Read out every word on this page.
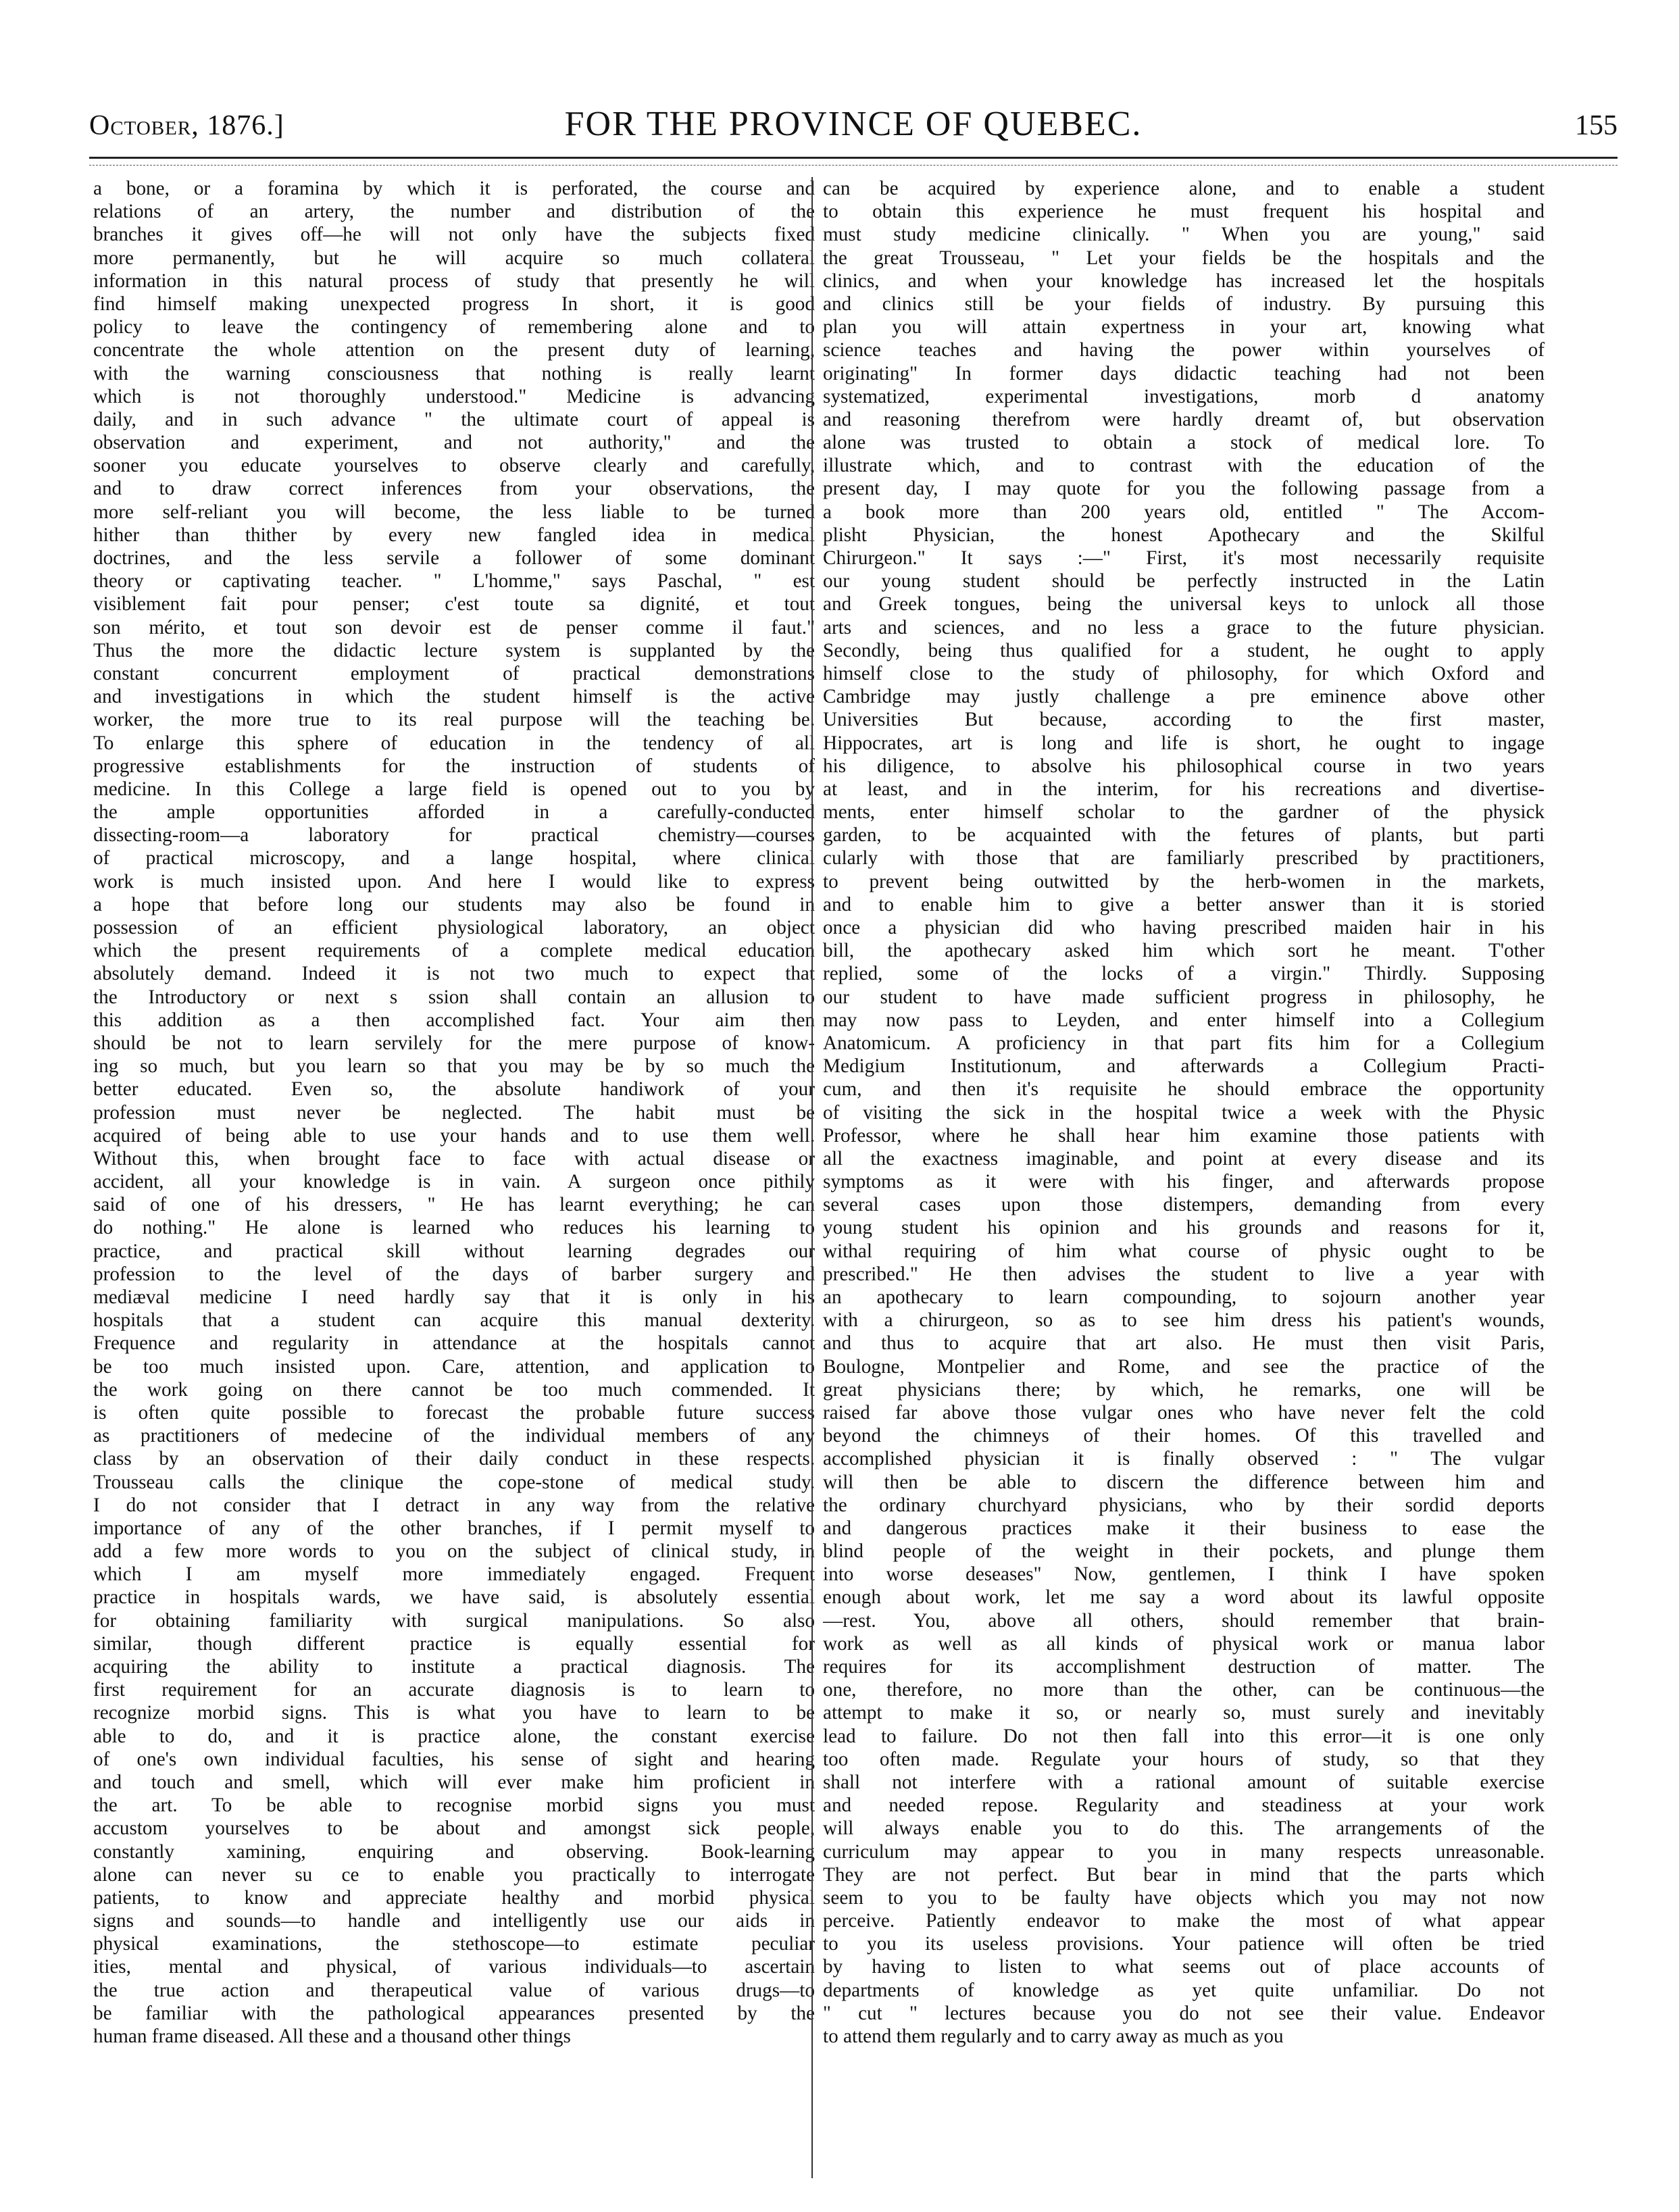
October, 1876.]	FOR THE PROVINCE OF QUEBEC.	155
a bone, or a foramina by which it is perforated, the course and
relations of an artery, the number and distribution of the
branches it gives off—he will not only have the subjects fixed
more permanently, but he will acquire so much collateral
information in this natural process of study that presently he will
find himself making unexpected progress In short, it is good
policy to leave the contingency of remembering alone and to
concentrate the whole attention on the present duty of learning,
with the warning consciousness that nothing is really learnt
which is not thoroughly understood." Medicine is advancing
daily, and in such advance " the ultimate court of appeal is
observation and experiment, and not authority," and the
sooner you educate yourselves to observe clearly and carefully,
and to draw correct inferences from your observations, the
more self-reliant you will become, the less liable to be turned
hither than thither by every new fangled idea in medical
doctrines, and the less servile a follower of some dominant
theory or captivating teacher. " L'homme," says Paschal, " est
visiblement fait pour penser; c'est toute sa dignité, et tout
son mérito, et tout son devoir est de penser comme il faut."
Thus the more the didactic lecture system is supplanted by the
constant concurrent employment of practical demonstrations
and investigations in which the student himself is the active
worker, the more true to its real purpose will the teaching be.
To enlarge this sphere of education in the tendency of all
progressive establishments for the instruction of students of
medicine. In this College a large field is opened out to you by
the ample opportunities afforded in a carefully-conducted
dissecting-room—a laboratory for practical chemistry—courses
of practical microscopy, and a lange hospital, where clinical
work is much insisted upon. And here I would like to express
a hope that before long our students may also be found in
possession of an efficient physiological laboratory, an object
which the present requirements of a complete medical education
absolutely demand. Indeed it is not two much to expect that
the Introductory or next s ssion shall contain an allusion to
this addition as a then accomplished fact. Your aim then
should be not to learn servilely for the mere purpose of know-
ing so much, but you learn so that you may be by so much the
better educated. Even so, the absolute handiwork of your
profession must never be neglected. The habit must be
acquired of being able to use your hands and to use them well.
Without this, when brought face to face with actual disease or
accident, all your knowledge is in vain. A surgeon once pithily
said of one of his dressers, " He has learnt everything; he can
do nothing." He alone is learned who reduces his learning to
practice, and practical skill without learning degrades our
profession to the level of the days of barber surgery and
mediæval medicine I need hardly say that it is only in his
hospitals that a student can acquire this manual dexterity.
Frequence and regularity in attendance at the hospitals cannot
be too much insisted upon. Care, attention, and application to
the work going on there cannot be too much commended. It
is often quite possible to forecast the probable future success
as practitioners of medecine of the individual members of any
class by an observation of their daily conduct in these respects.
Trousseau calls the clinique the cope-stone of medical study.
I do not consider that I detract in any way from the relative
importance of any of the other branches, if I permit myself to
add a few more words to you on the subject of clinical study, in
which I am myself more immediately engaged. Frequent
practice in hospitals wards, we have said, is absolutely essential
for obtaining familiarity with surgical manipulations. So also
similar, though different practice is equally essential for
acquiring the ability to institute a practical diagnosis. The
first requirement for an accurate diagnosis is to learn to
recognize morbid signs. This is what you have to learn to be
able to do, and it is practice alone, the constant exercise
of one's own individual faculties, his sense of sight and hearing
and touch and smell, which will ever make him proficient in
the art. To be able to recognise morbid signs you must
accustom yourselves to be about and amongst sick people,
constantly xamining, enquiring and observing. Book-learning
alone can never su ce to enable you practically to interrogate
patients, to know and appreciate healthy and morbid physical
signs and sounds—to handle and intelligently use our aids in
physical examinations, the stethoscope—to estimate peculiar
ities, mental and physical, of various individuals—to ascertain
the true action and therapeutical value of various drugs—to
be familiar with the pathological appearances presented by the
human frame diseased. All these and a thousand other things
can be acquired by experience alone, and to enable a student
to obtain this experience he must frequent his hospital and
must study medicine clinically. " When you are young," said
the great Trousseau, " Let your fields be the hospitals and the
clinics, and when your knowledge has increased let the hospitals
and clinics still be your fields of industry. By pursuing this
plan you will attain expertness in your art, knowing what
science teaches and having the power within yourselves of
originating" In former days didactic teaching had not been
systematized, experimental investigations, morb d anatomy
and reasoning therefrom were hardly dreamt of, but observation
alone was trusted to obtain a stock of medical lore. To
illustrate which, and to contrast with the education of the
present day, I may quote for you the following passage from a
a book more than 200 years old, entitled " The Accom-
plisht Physician, the honest Apothecary and the Skilful
Chirurgeon." It says :—" First, it's most necessarily requisite
our young student should be perfectly instructed in the Latin
and Greek tongues, being the universal keys to unlock all those
arts and sciences, and no less a grace to the future physician.
Secondly, being thus qualified for a student, he ought to apply
himself close to the study of philosophy, for which Oxford and
Cambridge may justly challenge a pre eminence above other
Universities But because, according to the first master,
Hippocrates, art is long and life is short, he ought to ingage
his diligence, to absolve his philosophical course in two years
at least, and in the interim, for his recreations and divertise-
ments, enter himself scholar to the gardner of the physick
garden, to be acquainted with the fetures of plants, but parti
cularly with those that are familiarly prescribed by practitioners,
to prevent being outwitted by the herb-women in the markets,
and to enable him to give a better answer than it is storied
once a physician did who having prescribed maiden hair in his
bill, the apothecary asked him which sort he meant. T'other
replied, some of the locks of a virgin." Thirdly. Supposing
our student to have made sufficient progress in philosophy, he
may now pass to Leyden, and enter himself into a Collegium
Anatomicum. A proficiency in that part fits him for a Collegium
Medigium Institutionum, and afterwards a Collegium Practi-
cum, and then it's requisite he should embrace the opportunity
of visiting the sick in the hospital twice a week with the Physic
Professor, where he shall hear him examine those patients with
all the exactness imaginable, and point at every disease and its
symptoms as it were with his finger, and afterwards propose
several cases upon those distempers, demanding from every
young student his opinion and his grounds and reasons for it,
withal requiring of him what course of physic ought to be
prescribed." He then advises the student to live a year with
an apothecary to learn compounding, to sojourn another year
with a chirurgeon, so as to see him dress his patient's wounds,
and thus to acquire that art also. He must then visit Paris,
Boulogne, Montpelier and Rome, and see the practice of the
great physicians there; by which, he remarks, one will be
raised far above those vulgar ones who have never felt the cold
beyond the chimneys of their homes. Of this travelled and
accomplished physician it is finally observed : " The vulgar
will then be able to discern the difference between him and
the ordinary churchyard physicians, who by their sordid deports
and dangerous practices make it their business to ease the
blind people of the weight in their pockets, and plunge them
into worse deseases" Now, gentlemen, I think I have spoken
enough about work, let me say a word about its lawful opposite
—rest. You, above all others, should remember that brain-
work as well as all kinds of physical work or manua labor
requires for its accomplishment destruction of matter. The
one, therefore, no more than the other, can be continuous—the
attempt to make it so, or nearly so, must surely and inevitably
lead to failure. Do not then fall into this error—it is one only
too often made. Regulate your hours of study, so that they
shall not interfere with a rational amount of suitable exercise
and needed repose. Regularity and steadiness at your work
will always enable you to do this. The arrangements of the
curriculum may appear to you in many respects unreasonable.
They are not perfect. But bear in mind that the parts which
seem to you to be faulty have objects which you may not now
perceive. Patiently endeavor to make the most of what appear
to you its useless provisions. Your patience will often be tried
by having to listen to what seems out of place accounts of
departments of knowledge as yet quite unfamiliar. Do not
" cut " lectures because you do not see their value. Endeavor
to attend them regularly and to carry away as much as you
